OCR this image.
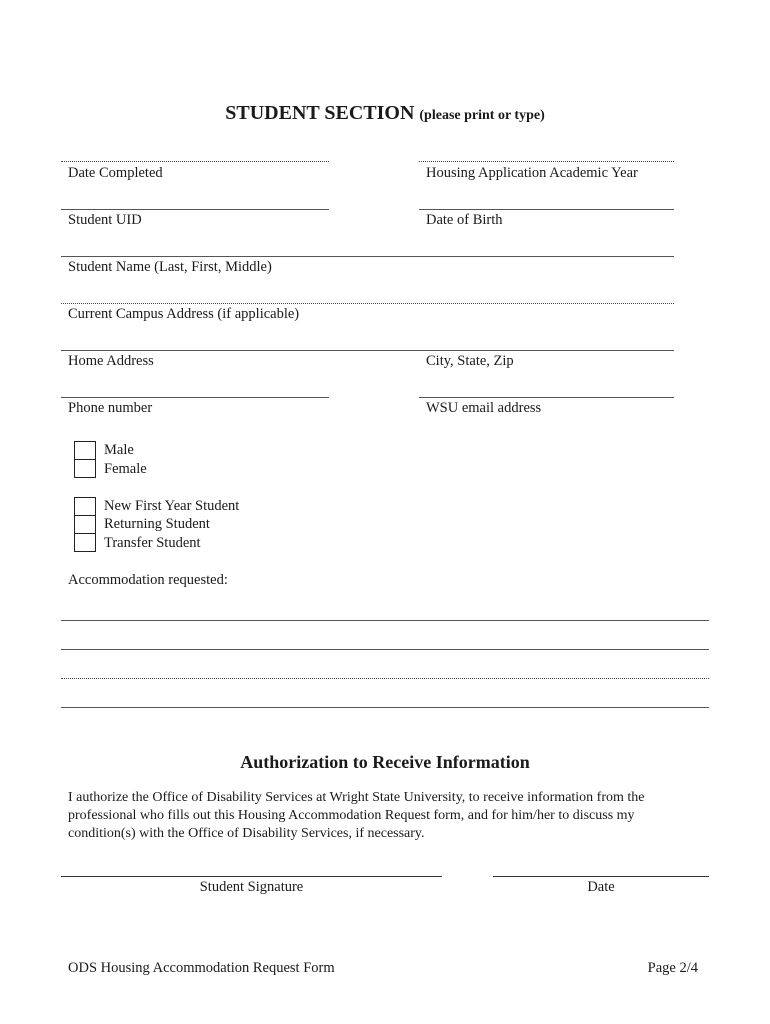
STUDENT SECTION (please print or type)
Date Completed	Housing Application Academic Year
Student UID	Date of Birth
Student Name (Last, First, Middle)
Current Campus Address (if applicable)
Home Address	City, State, Zip
Phone number	WSU email address
Male
Female
New First Year Student
Returning Student
Transfer Student
Accommodation requested:
Authorization to Receive Information
I authorize the Office of Disability Services at Wright State University, to receive information from the
professional who fills out this Housing Accommodation Request form, and for him/her to discuss my
condition(s) with the Office of Disability Services, if necessary.
Student Signature	Date
ODS Housing Accommodation Request Form	Page 2/4
